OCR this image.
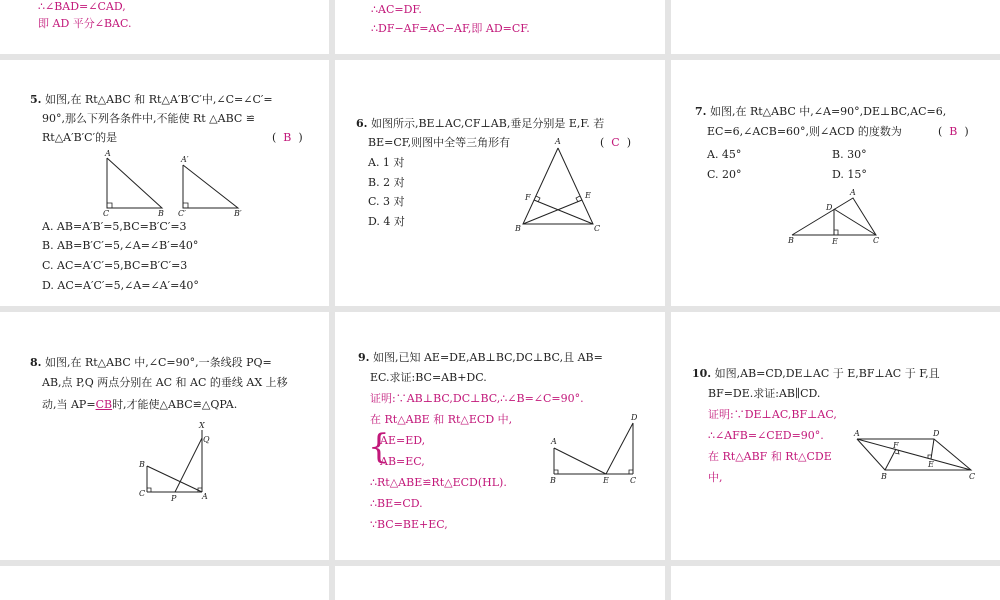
∴∠BAD=∠CAD,
即 AD 平分∠BAC.
∴AC=DF.
∴DF−AF=AC−AF,即 AD=CF.
5. 如图,在 Rt△ABC 和 Rt△A′B′C′中,∠C=∠C′=
90°,那么下列各条件中,不能使 Rt △ABC ≌
Rt△A′B′C′的是	(  B  )
A
C	B
A′
C′	B′
A. AB=A′B′=5,BC=B′C′=3
B. AB=B′C′=5,∠A=∠B′=40°
C. AC=A′C′=5,BC=B′C′=3
D. AC=A′C′=5,∠A=∠A′=40°
6. 如图所示,BE⊥AC,CF⊥AB,垂足分别是 E,F. 若
BE=CF,则图中全等三角形有	(  C  )
A. 1 对
B. 2 对
C. 3 对
D. 4 对
A
F	E
B	C
7. 如图,在 Rt△ABC 中,∠A=90°,DE⊥BC,AC=6,
EC=6,∠ACB=60°,则∠ACD 的度数为	(  B  )
A. 45°	B. 30°
C. 20°	D. 15°
A
D
B	E	C
8. 如图,在 Rt△ABC 中,∠C=90°,一条线段 PQ=
AB,点 P,Q 两点分别在 AC 和 AC 的垂线 AX 上移
动,当 AP=CB时,才能使△ABC≌△QPA.
X
Q
B
C
P	A
9. 如图,已知 AE=DE,AB⊥BC,DC⊥BC,且 AB=
EC.求证:BC=AB+DC.
证明:∵AB⊥BC,DC⊥BC,∴∠B=∠C=90°.
在 Rt△ABE 和 Rt△ECD 中,
{
AE=ED,
AB=EC,
∴Rt△ABE≌Rt△ECD(HL).
∴BE=CD.
∵BC=BE+EC,
A
D
B	E	C
10. 如图,AB=CD,DE⊥AC 于 E,BF⊥AC 于 F,且
BF=DE.求证:AB∥CD.
证明:∵DE⊥AC,BF⊥AC,
∴∠AFB=∠CED=90°.
在 Rt△ABF 和 Rt△CDE
中,
A	D
F
E
B	C
